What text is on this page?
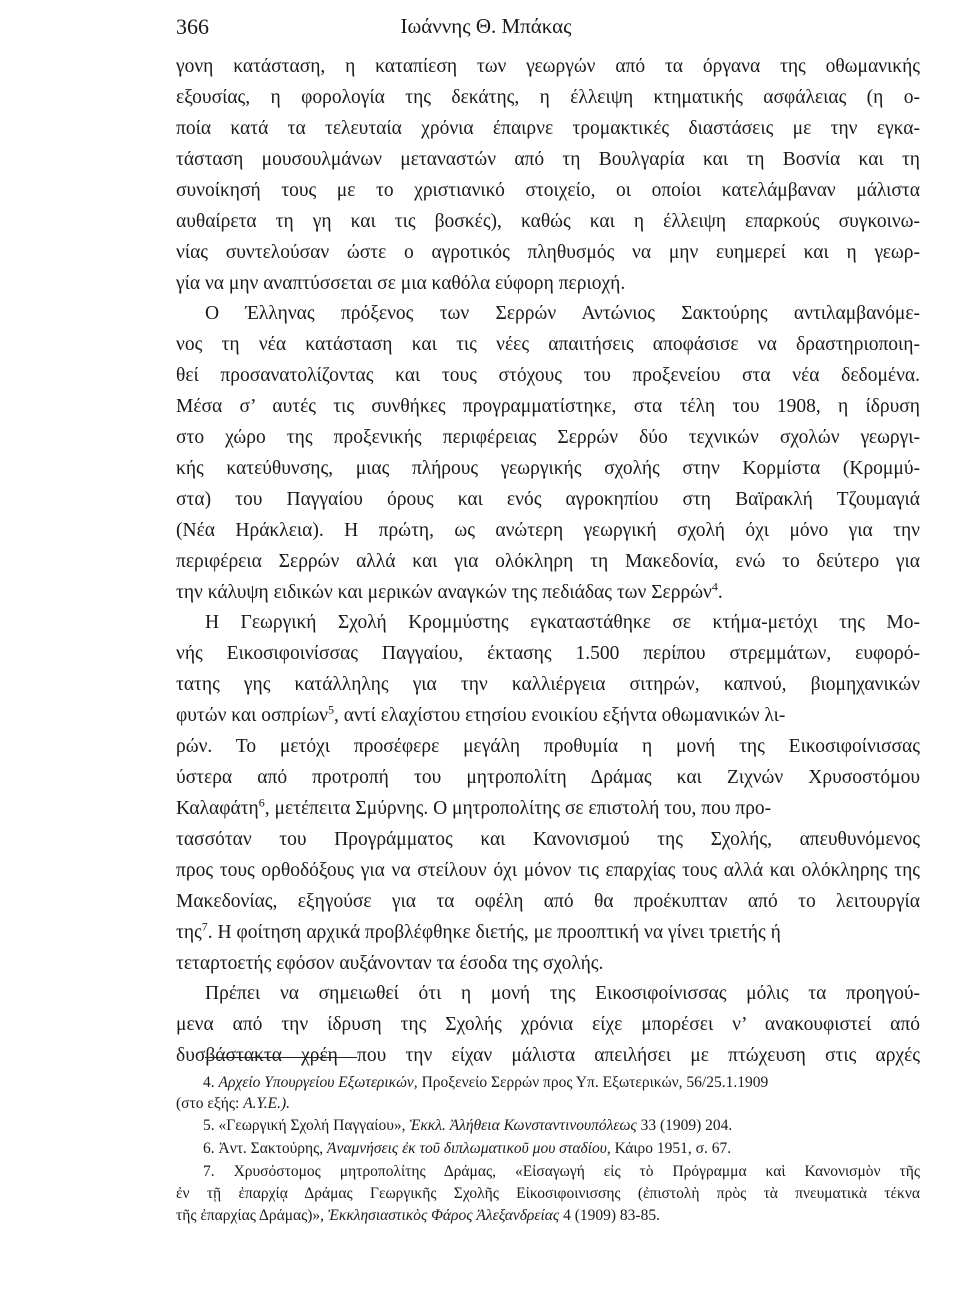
366	Ιωάννης Θ. Μπάκας
γονη κατάσταση, η καταπίεση των γεωργών από τα όργανα της οθωμανικής
εξουσίας, η φορολογία της δεκάτης, η έλλειψη κτηματικής ασφάλειας (η ο-
ποία κατά τα τελευταία χρόνια έπαιρνε τρομακτικές διαστάσεις με την εγκα-
τάσταση μουσουλμάνων μεταναστών από τη Βουλγαρία και τη Βοσνία και τη
συνοίκησή τους με το χριστιανικό στοιχείο, οι οποίοι κατελάμβαναν μάλιστα
αυθαίρετα τη γη και τις βοσκές), καθώς και η έλλειψη επαρκούς συγκοινω-
νίας συντελούσαν ώστε ο αγροτικός πληθυσμός να μην ευημερεί και η γεωρ-
γία να μην αναπτύσσεται σε μια καθόλα εύφορη περιοχή.
Ο Έλληνας πρόξενος των Σερρών Αντώνιος Σακτούρης αντιλαμβανόμε-
νος τη νέα κατάσταση και τις νέες απαιτήσεις αποφάσισε να δραστηριοποιη-
θεί προσανατολίζοντας και τους στόχους του προξενείου στα νέα δεδομένα.
Μέσα σ’ αυτές τις συνθήκες προγραμματίστηκε, στα τέλη του 1908, η ίδρυση
στο χώρο της προξενικής περιφέρειας Σερρών δύο τεχνικών σχολών γεωργι-
κής κατεύθυνσης, μιας πλήρους γεωργικής σχολής στην Κορμίστα (Κρομμύ-
στα) του Παγγαίου όρους και ενός αγροκηπίου στη Βαϊρακλή Τζουμαγιά
(Νέα Ηράκλεια). Η πρώτη, ως ανώτερη γεωργική σχολή όχι μόνο για την
περιφέρεια Σερρών αλλά και για ολόκληρη τη Μακεδονία, ενώ το δεύτερο για
την κάλυψη ειδικών και μερικών αναγκών της πεδιάδας των Σερρών$^4$.
Η Γεωργική Σχολή Κρομμύστης εγκαταστάθηκε σε κτήμα-μετόχι της Μο-
νής Εικοσιφοινίσσας Παγγαίου, έκτασης 1.500 περίπου στρεμμάτων, ευφορό-
τατης γης κατάλληλης για την καλλιέργεια σιτηρών, καπνού, βιομηχανικών
φυτών και οσπρίων$^5$, αντί ελαχίστου ετησίου ενοικίου εξήντα οθωμανικών λι-
ρών. Το μετόχι προσέφερε μεγάλη προθυμία η μονή της Εικοσιφοίνισσας
ύστερα από προτροπή του μητροπολίτη Δράμας και Ζιχνών Χρυσοστόμου
Καλαφάτη$^6$, μετέπειτα Σμύρνης. Ο μητροπολίτης σε επιστολή του, που προ-
τασσόταν του Προγράμματος και Κανονισμού της Σχολής, απευθυνόμενος
προς τους ορθοδόξους για να στείλουν όχι μόνον τις επαρχίας τους αλλά και ολόκληρης της
Μακεδονίας, εξηγούσε για τα οφέλη από θα προέκυπταν από το λειτουργία
της$^7$. Η φοίτηση αρχικά προβλέφθηκε διετής, με προοπτική να γίνει τριετής ή
τεταρτοετής εφόσον αυξάνονταν τα έσοδα της σχολής.
Πρέπει να σημειωθεί ότι η μονή της Εικοσιφοίνισσας μόλις τα προηγού-
μενα από την ίδρυση της Σχολής χρόνια είχε μπορέσει ν’ ανακουφιστεί από
δυσβάστακτα χρέη που την είχαν μάλιστα απειλήσει με πτώχευση στις αρχές
4. Αρχείο Υπουργείου Εξωτερικών, Προξενείο Σερρών προς Υπ. Εξωτερικών, 56/25.1.1909
(στο εξής: Α.Υ.Ε.).
5. «Γεωργική Σχολή Παγγαίου», Ἐκκλ. Ἀλήθεια Κωνσταντινουπόλεως 33 (1909) 204.
6. Ἀντ. Σακτούρης, Ἀναμνήσεις ἐκ τοῦ διπλωματικοῦ μου σταδίου, Κάιρο 1951, σ. 67.
7. Χρυσόστομος μητροπολίτης Δράμας, «Εἰσαγωγή εἰς τὸ Πρόγραμμα καὶ Κανονισμὸν τῆς
ἐν τῇ ἐπαρχίᾳ Δράμας Γεωργικῆς Σχολῆς Εἰκοσιφοινισσης (ἐπιστολὴ πρὸς τὰ πνευματικὰ τέκνα
τῆς ἐπαρχίας Δράμας)», Ἐκκλησιαστικὸς Φάρος Ἀλεξανδρείας 4 (1909) 83-85.
